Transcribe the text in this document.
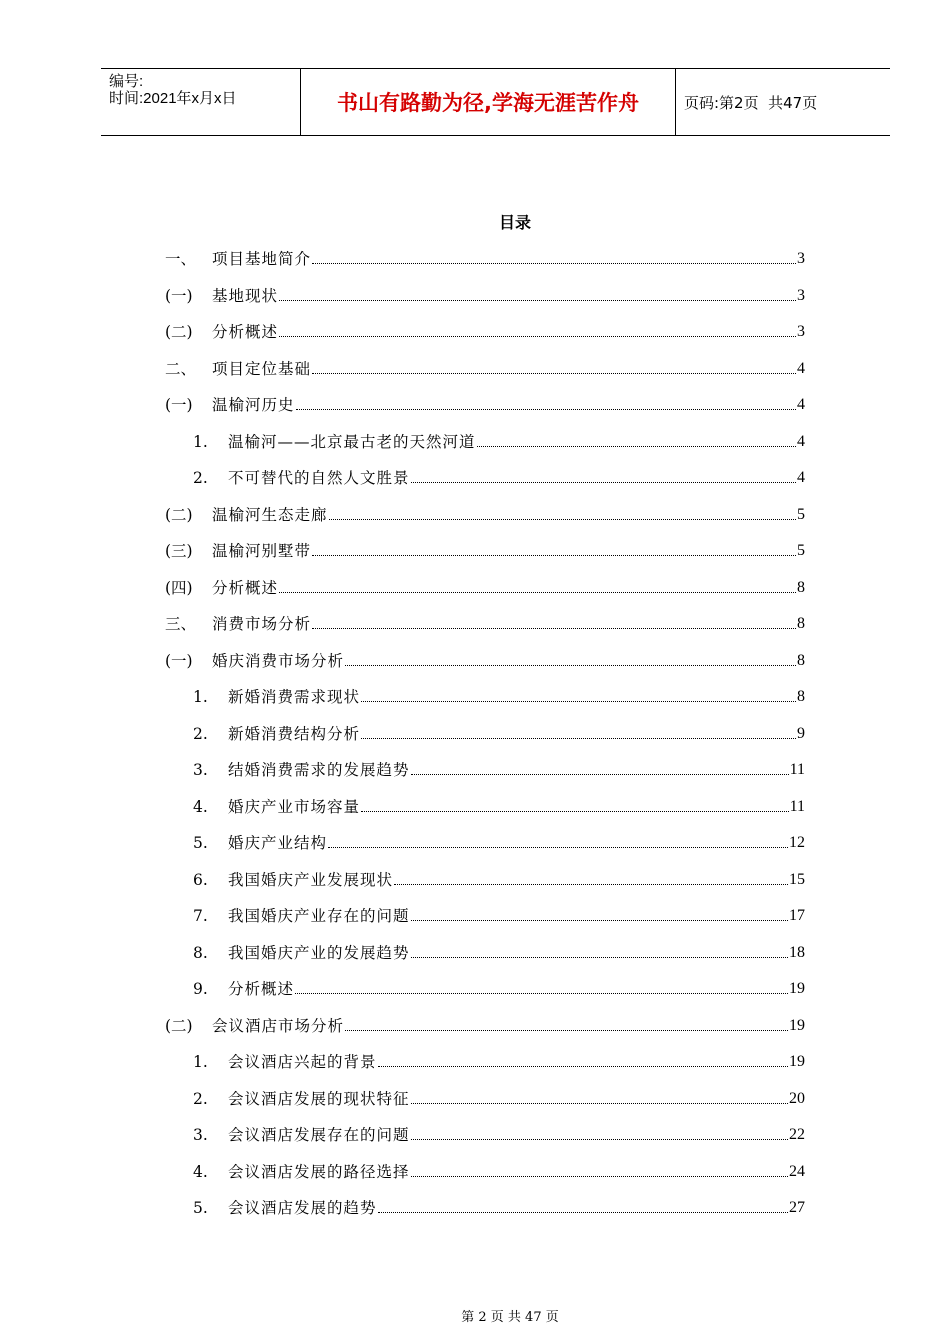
编号:
时间:2021年x月x日	书山有路勤为径,学海无涯苦作舟	页码:第2页  共47页
目录
一、 项目基地简介	3
(一)	基地现状	3
(二)	分析概述	3
二、 项目定位基础	4
(一)	温榆河历史	4
1. 温榆河——北京最古老的天然河道	4
2. 不可替代的自然人文胜景	4
(二)	温榆河生态走廊	5
(三)	温榆河别墅带	5
(四)	分析概述	8
三、 消费市场分析	8
(一)	婚庆消费市场分析	8
1. 新婚消费需求现状	8
2. 新婚消费结构分析	9
3. 结婚消费需求的发展趋势	11
4. 婚庆产业市场容量	11
5. 婚庆产业结构	12
6. 我国婚庆产业发展现状	15
7. 我国婚庆产业存在的问题	17
8. 我国婚庆产业的发展趋势	18
9. 分析概述	19
(二)	会议酒店市场分析	19
1. 会议酒店兴起的背景	19
2. 会议酒店发展的现状特征	20
3. 会议酒店发展存在的问题	22
4. 会议酒店发展的路径选择	24
5. 会议酒店发展的趋势	27
第 2 页 共 47 页
